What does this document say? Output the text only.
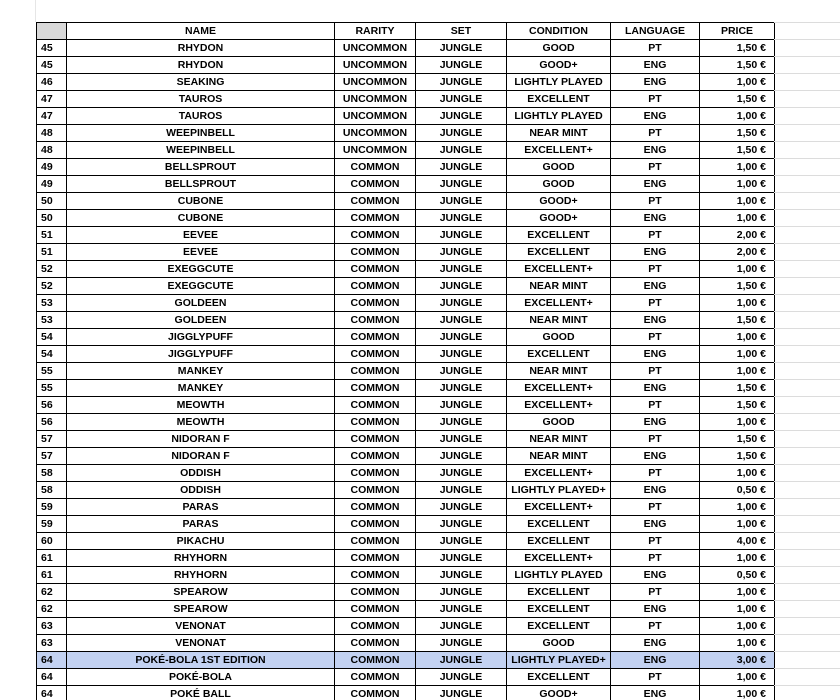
	NAME	RARITY	SET	CONDITION	LANGUAGE	PRICE
45	RHYDON	UNCOMMON	JUNGLE	GOOD	PT	1,50 €
45	RHYDON	UNCOMMON	JUNGLE	GOOD+	ENG	1,50 €
46	SEAKING	UNCOMMON	JUNGLE	LIGHTLY PLAYED	ENG	1,00 €
47	TAUROS	UNCOMMON	JUNGLE	EXCELLENT	PT	1,50 €
47	TAUROS	UNCOMMON	JUNGLE	LIGHTLY PLAYED	ENG	1,00 €
48	WEEPINBELL	UNCOMMON	JUNGLE	NEAR MINT	PT	1,50 €
48	WEEPINBELL	UNCOMMON	JUNGLE	EXCELLENT+	ENG	1,50 €
49	BELLSPROUT	COMMON	JUNGLE	GOOD	PT	1,00 €
49	BELLSPROUT	COMMON	JUNGLE	GOOD	ENG	1,00 €
50	CUBONE	COMMON	JUNGLE	GOOD+	PT	1,00 €
50	CUBONE	COMMON	JUNGLE	GOOD+	ENG	1,00 €
51	EEVEE	COMMON	JUNGLE	EXCELLENT	PT	2,00 €
51	EEVEE	COMMON	JUNGLE	EXCELLENT	ENG	2,00 €
52	EXEGGCUTE	COMMON	JUNGLE	EXCELLENT+	PT	1,00 €
52	EXEGGCUTE	COMMON	JUNGLE	NEAR MINT	ENG	1,50 €
53	GOLDEEN	COMMON	JUNGLE	EXCELLENT+	PT	1,00 €
53	GOLDEEN	COMMON	JUNGLE	NEAR MINT	ENG	1,50 €
54	JIGGLYPUFF	COMMON	JUNGLE	GOOD	PT	1,00 €
54	JIGGLYPUFF	COMMON	JUNGLE	EXCELLENT	ENG	1,00 €
55	MANKEY	COMMON	JUNGLE	NEAR MINT	PT	1,00 €
55	MANKEY	COMMON	JUNGLE	EXCELLENT+	ENG	1,50 €
56	MEOWTH	COMMON	JUNGLE	EXCELLENT+	PT	1,50 €
56	MEOWTH	COMMON	JUNGLE	GOOD	ENG	1,00 €
57	NIDORAN F	COMMON	JUNGLE	NEAR MINT	PT	1,50 €
57	NIDORAN F	COMMON	JUNGLE	NEAR MINT	ENG	1,50 €
58	ODDISH	COMMON	JUNGLE	EXCELLENT+	PT	1,00 €
58	ODDISH	COMMON	JUNGLE	LIGHTLY PLAYED+	ENG	0,50 €
59	PARAS	COMMON	JUNGLE	EXCELLENT+	PT	1,00 €
59	PARAS	COMMON	JUNGLE	EXCELLENT	ENG	1,00 €
60	PIKACHU	COMMON	JUNGLE	EXCELLENT	PT	4,00 €
61	RHYHORN	COMMON	JUNGLE	EXCELLENT+	PT	1,00 €
61	RHYHORN	COMMON	JUNGLE	LIGHTLY PLAYED	ENG	0,50 €
62	SPEAROW	COMMON	JUNGLE	EXCELLENT	PT	1,00 €
62	SPEAROW	COMMON	JUNGLE	EXCELLENT	ENG	1,00 €
63	VENONAT	COMMON	JUNGLE	EXCELLENT	PT	1,00 €
63	VENONAT	COMMON	JUNGLE	GOOD	ENG	1,00 €
64	POKÉ-BOLA 1ST EDITION	COMMON	JUNGLE	LIGHTLY PLAYED+	ENG	3,00 €
64	POKÉ-BOLA	COMMON	JUNGLE	EXCELLENT	PT	1,00 €
64	POKÉ BALL	COMMON	JUNGLE	GOOD+	ENG	1,00 €
